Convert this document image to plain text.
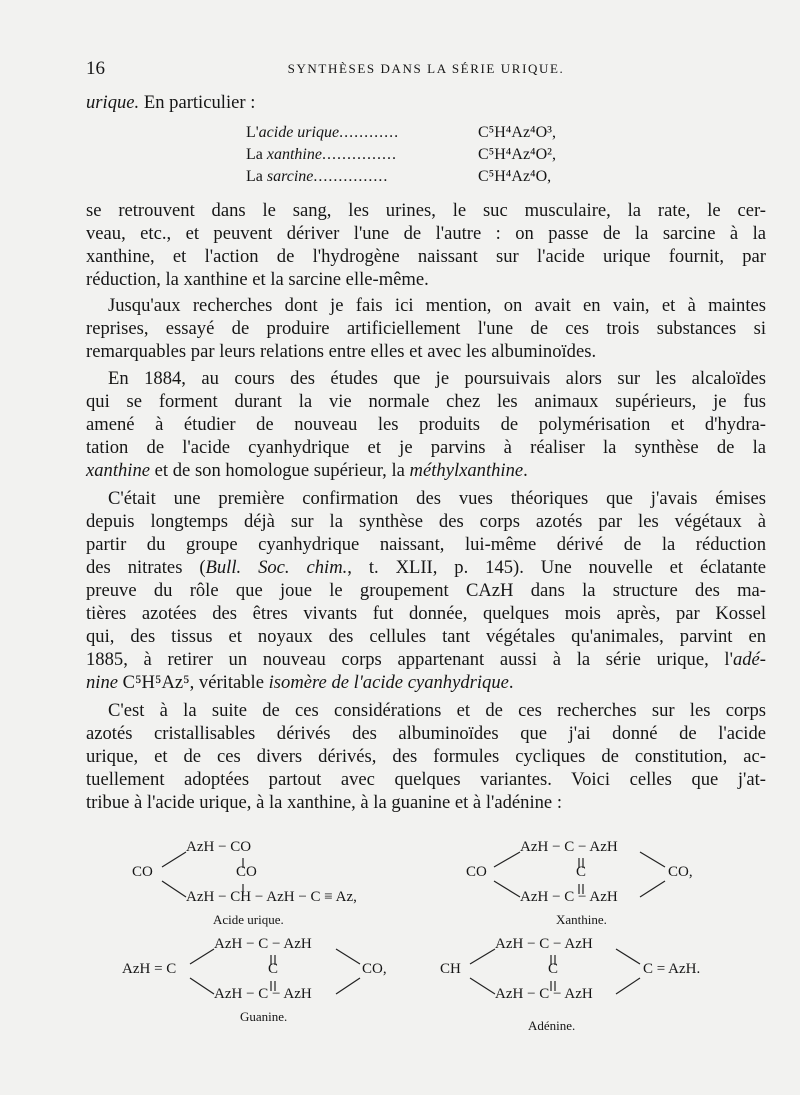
16	SYNTHÈSES DANS LA SÉRIE URIQUE.
urique. En particulier :
L'acide urique............	C⁵H⁴Az⁴O³,
La xanthine...............	C⁵H⁴Az⁴O²,
La sarcine...............	C⁵H⁴Az⁴O,
se retrouvent dans le sang, les urines, le suc musculaire, la rate, le cer-
veau, etc., et peuvent dériver l'une de l'autre : on passe de la sarcine à la
xanthine, et l'action de l'hydrogène naissant sur l'acide urique fournit, par
réduction, la xanthine et la sarcine elle-même.
Jusqu'aux recherches dont je fais ici mention, on avait en vain, et à maintes
reprises, essayé de produire artificiellement l'une de ces trois substances si
remarquables par leurs relations entre elles et avec les albuminoïdes.
En 1884, au cours des études que je poursuivais alors sur les alcaloïdes
qui se forment durant la vie normale chez les animaux supérieurs, je fus
amené à étudier de nouveau les produits de polymérisation et d'hydra-
tation de l'acide cyanhydrique et je parvins à réaliser la synthèse de la
xanthine et de son homologue supérieur, la méthylxanthine.
C'était une première confirmation des vues théoriques que j'avais émises
depuis longtemps déjà sur la synthèse des corps azotés par les végétaux à
partir du groupe cyanhydrique naissant, lui-même dérivé de la réduction
des nitrates (Bull. Soc. chim., t. XLII, p. 145). Une nouvelle et éclatante
preuve du rôle que joue le groupement CAzH dans la structure des ma-
tières azotées des êtres vivants fut donnée, quelques mois après, par Kossel
qui, des tissus et noyaux des cellules tant végétales qu'animales, parvint en
1885, à retirer un nouveau corps appartenant aussi à la série urique, l'adé-
nine C⁵H⁵Az⁵, véritable isomère de l'acide cyanhydrique.
C'est à la suite de ces considérations et de ces recherches sur les corps
azotés cristallisables dérivés des albuminoïdes que j'ai donné de l'acide
urique, et de ces divers dérivés, des formules cycliques de constitution, ac-
tuellement adoptées partout avec quelques variantes. Voici celles que j'at-
tribue à l'acide urique, à la xanthine, à la guanine et à l'adénine :
AzH − CO
CO	CO
AzH − CH − AzH − C ≡ Az,
Acide urique.
AzH − C − AzH
CO	C	CO,
AzH − C − AzH
Xanthine.
AzH − C − AzH
AzH = C	C	CO,
AzH − C − AzH
Guanine.
AzH − C − AzH
CH	C	C = AzH.
AzH − C − AzH
Adénine.
